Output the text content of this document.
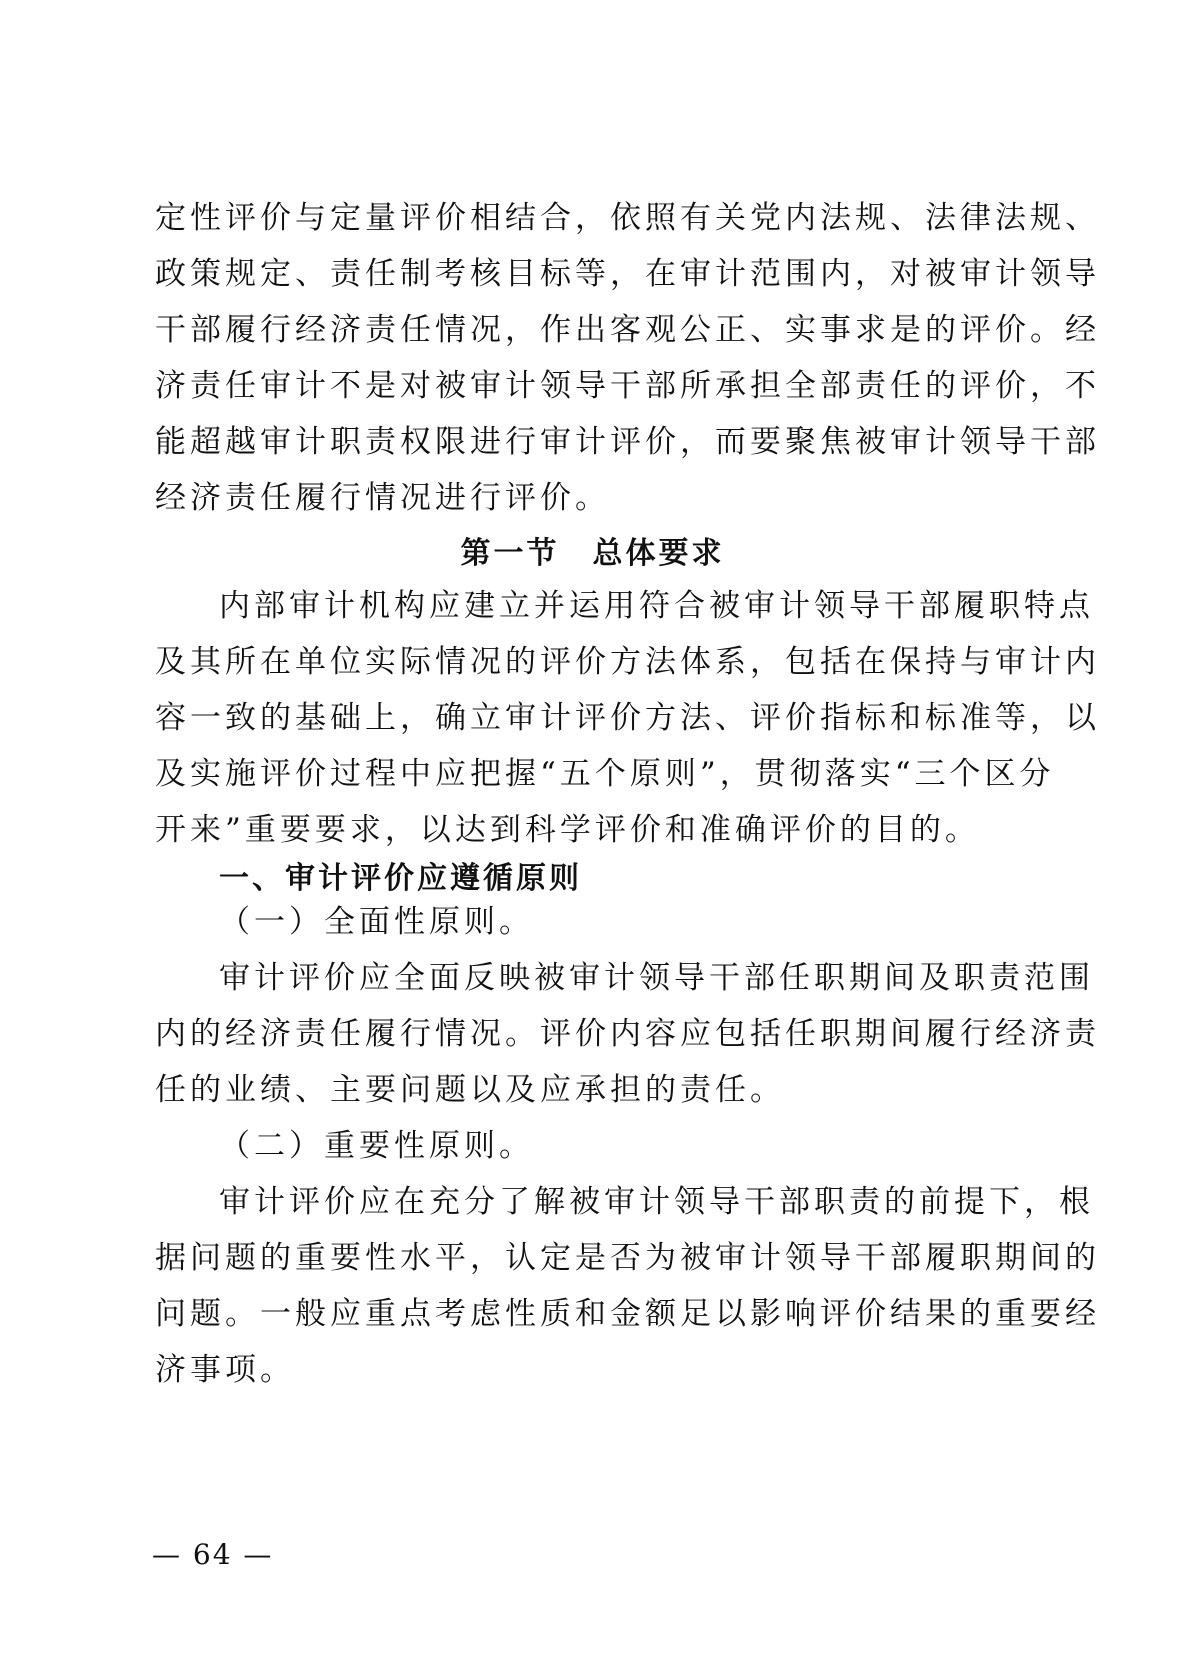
定性评价与定量评价相结合，依照有关党内法规、法律法规、
政策规定、责任制考核目标等，在审计范围内，对被审计领导
干部履行经济责任情况，作出客观公正、实事求是的评价。经
济责任审计不是对被审计领导干部所承担全部责任的评价，不
能超越审计职责权限进行审计评价，而要聚焦被审计领导干部
经济责任履行情况进行评价。
第一节　总体要求
内部审计机构应建立并运用符合被审计领导干部履职特点
及其所在单位实际情况的评价方法体系，包括在保持与审计内
容一致的基础上，确立审计评价方法、评价指标和标准等，以
及实施评价过程中应把握“五个原则”，贯彻落实“三个区分
开来”重要要求，以达到科学评价和准确评价的目的。
一、审计评价应遵循原则
（一）全面性原则。
审计评价应全面反映被审计领导干部任职期间及职责范围
内的经济责任履行情况。评价内容应包括任职期间履行经济责
任的业绩、主要问题以及应承担的责任。
（二）重要性原则。
审计评价应在充分了解被审计领导干部职责的前提下，根
据问题的重要性水平，认定是否为被审计领导干部履职期间的
问题。一般应重点考虑性质和金额足以影响评价结果的重要经
济事项。
— 64 —
